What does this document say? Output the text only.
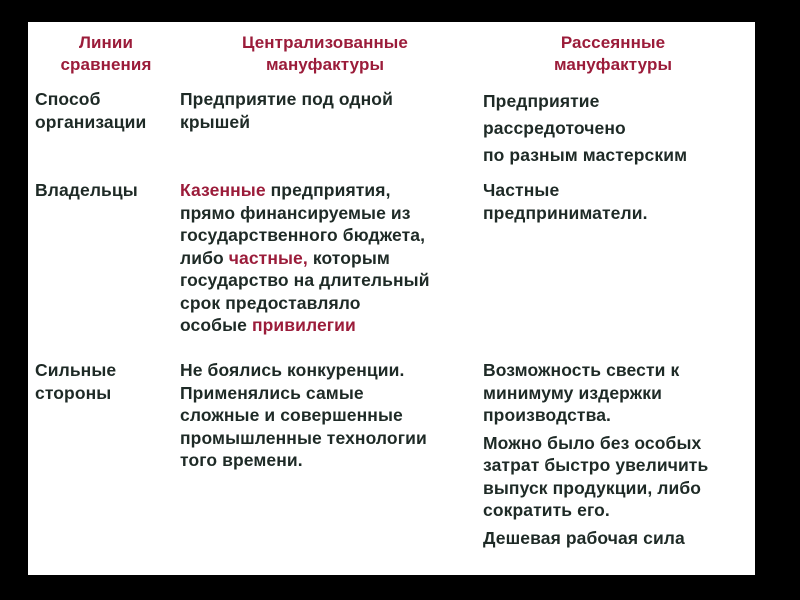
Линии
сравнения
Централизованные
мануфактуры
Рассеянные
мануфактуры
Способ
организации
Предприятие под одной
крышей
Предприятие
рассредоточено
по разным мастерским
Владельцы	Казенные предприятия,
прямо финансируемые из
государственного бюджета,
либо частные, которым
государство на длительный
срок предоставляло
особые привилегии
Частные
предприниматели.
Сильные
стороны
Не боялись конкуренции.
Применялись самые
сложные и совершенные
промышленные технологии
того времени.
Возможность свести к
минимуму издержки
производства.
Можно было без особых
затрат быстро увеличить
выпуск продукции, либо
сократить его.
Дешевая рабочая сила
